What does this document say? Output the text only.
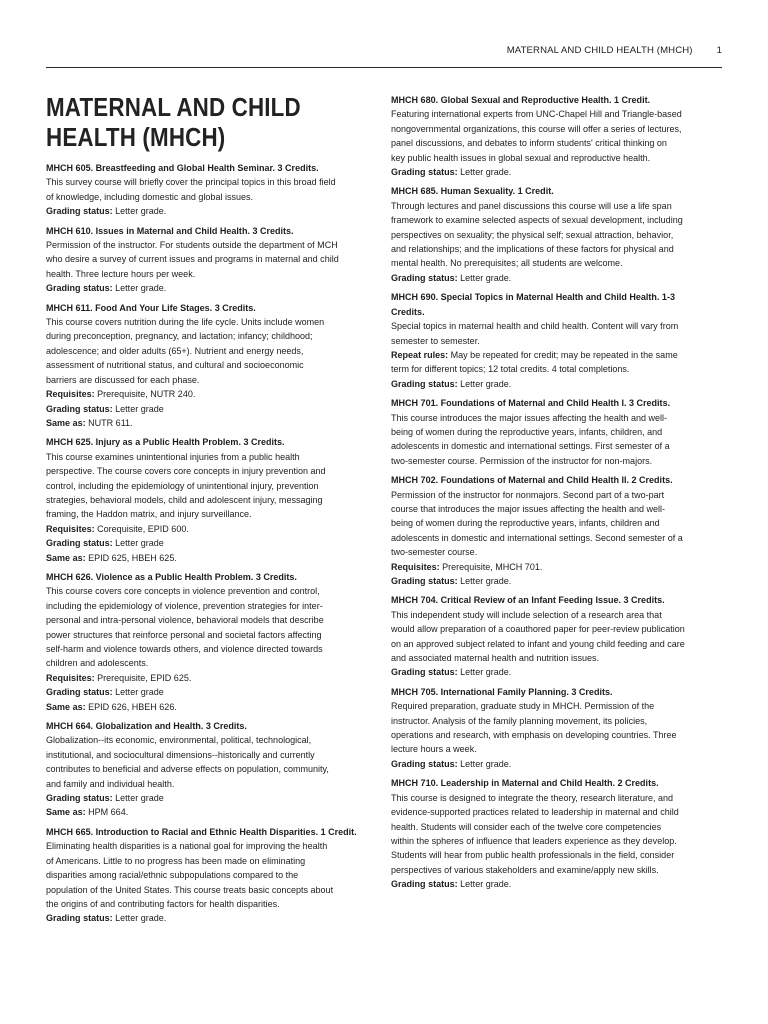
MATERNAL AND CHILD HEALTH (MHCH)	1
MATERNAL AND CHILD
HEALTH (MHCH)
MHCH 605. Breastfeeding and Global Health Seminar. 3 Credits.
This survey course will briefly cover the principal topics in this broad field
of knowledge, including domestic and global issues.
Grading status: Letter grade.
MHCH 610. Issues in Maternal and Child Health. 3 Credits.
Permission of the instructor. For students outside the department of MCH
who desire a survey of current issues and programs in maternal and child
health. Three lecture hours per week.
Grading status: Letter grade.
MHCH 611. Food And Your Life Stages. 3 Credits.
This course covers nutrition during the life cycle. Units include women
during preconception, pregnancy, and lactation; infancy; childhood;
adolescence; and older adults (65+). Nutrient and energy needs,
assessment of nutritional status, and cultural and socioeconomic
barriers are discussed for each phase.
Requisites: Prerequisite, NUTR 240.
Grading status: Letter grade
Same as: NUTR 611.
MHCH 625. Injury as a Public Health Problem. 3 Credits.
This course examines unintentional injuries from a public health
perspective. The course covers core concepts in injury prevention and
control, including the epidemiology of unintentional injury, prevention
strategies, behavioral models, child and adolescent injury, messaging
framing, the Haddon matrix, and injury surveillance.
Requisites: Corequisite, EPID 600.
Grading status: Letter grade
Same as: EPID 625, HBEH 625.
MHCH 626. Violence as a Public Health Problem. 3 Credits.
This course covers core concepts in violence prevention and control,
including the epidemiology of violence, prevention strategies for inter-
personal and intra-personal violence, behavioral models that describe
power structures that reinforce personal and societal factors affecting
self-harm and violence towards others, and violence directed towards
children and adolescents.
Requisites: Prerequisite, EPID 625.
Grading status: Letter grade
Same as: EPID 626, HBEH 626.
MHCH 664. Globalization and Health. 3 Credits.
Globalization--its economic, environmental, political, technological,
institutional, and sociocultural dimensions--historically and currently
contributes to beneficial and adverse effects on population, community,
and family and individual health.
Grading status: Letter grade
Same as: HPM 664.
MHCH 665. Introduction to Racial and Ethnic Health Disparities. 1 Credit.
Eliminating health disparities is a national goal for improving the health
of Americans. Little to no progress has been made on eliminating
disparities among racial/ethnic subpopulations compared to the
population of the United States. This course treats basic concepts about
the origins of and contributing factors for health disparities.
Grading status: Letter grade.
MHCH 680. Global Sexual and Reproductive Health. 1 Credit.
Featuring international experts from UNC-Chapel Hill and Triangle-based
nongovernmental organizations, this course will offer a series of lectures,
panel discussions, and debates to inform students' critical thinking on
key public health issues in global sexual and reproductive health.
Grading status: Letter grade.
MHCH 685. Human Sexuality. 1 Credit.
Through lectures and panel discussions this course will use a life span
framework to examine selected aspects of sexual development, including
perspectives on sexuality; the physical self; sexual attraction, behavior,
and relationships; and the implications of these factors for physical and
mental health. No prerequisites; all students are welcome.
Grading status: Letter grade.
MHCH 690. Special Topics in Maternal Health and Child Health. 1-3
Credits.
Special topics in maternal health and child health. Content will vary from
semester to semester.
Repeat rules: May be repeated for credit; may be repeated in the same
term for different topics; 12 total credits. 4 total completions.
Grading status: Letter grade.
MHCH 701. Foundations of Maternal and Child Health I. 3 Credits.
This course introduces the major issues affecting the health and well-
being of women during the reproductive years, infants, children, and
adolescents in domestic and international settings. First semester of a
two-semester course. Permission of the instructor for non-majors.
MHCH 702. Foundations of Maternal and Child Health II. 2 Credits.
Permission of the instructor for nonmajors. Second part of a two-part
course that introduces the major issues affecting the health and well-
being of women during the reproductive years, infants, children and
adolescents in domestic and international settings. Second semester of a
two-semester course.
Requisites: Prerequisite, MHCH 701.
Grading status: Letter grade.
MHCH 704. Critical Review of an Infant Feeding Issue. 3 Credits.
This independent study will include selection of a research area that
would allow preparation of a coauthored paper for peer-review publication
on an approved subject related to infant and young child feeding and care
and associated maternal health and nutrition issues.
Grading status: Letter grade.
MHCH 705. International Family Planning. 3 Credits.
Required preparation, graduate study in MHCH. Permission of the
instructor. Analysis of the family planning movement, its policies,
operations and research, with emphasis on developing countries. Three
lecture hours a week.
Grading status: Letter grade.
MHCH 710. Leadership in Maternal and Child Health. 2 Credits.
This course is designed to integrate the theory, research literature, and
evidence-supported practices related to leadership in maternal and child
health. Students will consider each of the twelve core competencies
within the spheres of influence that leaders experience as they develop.
Students will hear from public health professionals in the field, consider
perspectives of various stakeholders and examine/apply new skills.
Grading status: Letter grade.
